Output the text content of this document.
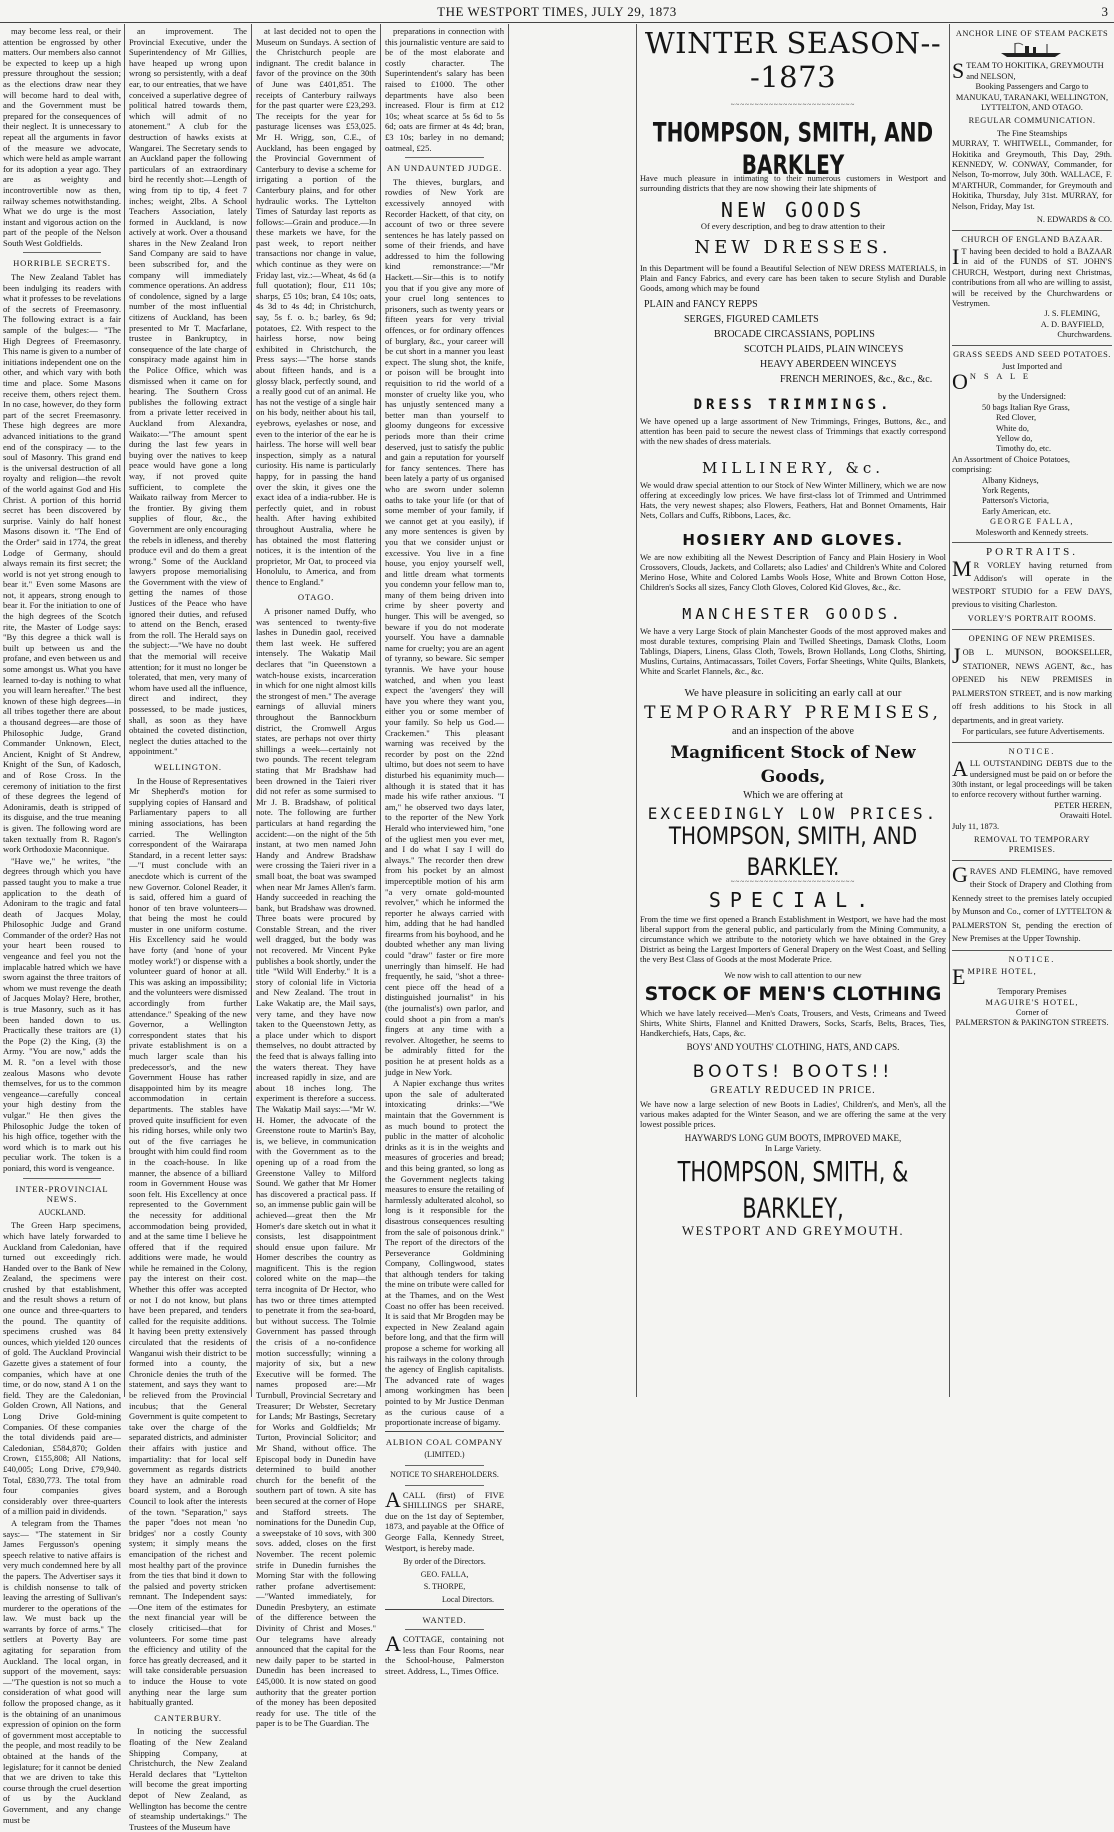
THE WESTPORT TIMES, JULY 29, 1873	3

may become less real, or their attention be engrossed by other matters. Our members also cannot be expected to keep up a high pressure throughout the session; as the elections draw near they will become hard to deal with, and the Government must be prepared for the consequences of their neglect. It is unnecessary to repeat all the arguments in favor of the measure we advocate, which were held as ample warrant for its adoption a year ago. They are as weighty and incontrovertible now as then, railway schemes notwithstanding. What we do urge is the most instant and vigorous action on the part of the people of the Nelson South West Goldfields.

HORRIBLE SECRETS.

The New Zealand Tablet has been indulging its readers with what it professes to be revelations of the secrets of Freemasonry. The following extract is a fair sample of the bulges:— "The High Degrees of Freemasonry. This name is given to a number of initiations independent one on the other, and which vary with both time and place. Some Masons receive them, others reject them. In no case, however, do they form part of the secret Freemasonry. These high degrees are more advanced initiations to the grand end of the conspiracy — to the soul of Masonry. This grand end is the universal destruction of all royalty and religion—the revolt of the world against God and His Christ. A portion of this horrid secret has been discovered by surprise. Vainly do half honest Masons disown it. "The End of the Order" said in 1774, the great Lodge of Germany, should always remain its first secret; the world is not yet strong enough to bear it." Even some Masons are not, it appears, strong enough to bear it. For the initiation to one of the high degrees of the Scotch rite, the Master of Lodge says: "By this degree a thick wall is built up between us and the profane, and even between us and some amongst us. What you have learned to-day is nothing to what you will learn hereafter." The best known of these high degrees—in all tribes together there are about a thousand degrees—are those of Philosophic Judge, Grand Commander Unknown, Elect, Ancient, Knight of St Andrew, Knight of the Sun, of Kadosch, and of Rose Cross. In the ceremony of initiation to the first of these degrees the legend of Adoniramis, death is stripped of its disguise, and the true meaning is given. The following word are taken textually from R. Ragon's work Orthodoxie Maconnique.

"Have we," he writes, "the degrees through which you have passed taught you to make a true application to the death of Adoniram to the tragic and fatal death of Jacques Molay, Philosophic Judge and Grand Commander of the order? Has not your heart been roused to vengeance and feel you not the implacable hatred which we have sworn against the three traitors of whom we must revenge the death of Jacques Molay? Here, brother, is true Masonry, such as it has been handed down to us. Practically these traitors are (1) the Pope (2) the King, (3) the Army. "You are now," adds the M. R. "on a level with those zealous Masons who devote themselves, for us to the common vengeance—carefully conceal your high destiny from the vulgar." He then gives the Philosophic Judge the token of his high office, together with the word which is to mark out his peculiar work. The token is a poniard, this word is vengeance.

INTER-PROVINCIAL NEWS.
AUCKLAND.

The Green Harp specimens, which have lately forwarded to Auckland from Caledonian, have turned out exceedingly rich. Handed over to the Bank of New Zealand, the specimens were crushed by that establishment, and the result shows a return of one ounce and three-quarters to the pound. The quantity of specimens crushed was 84 ounces, which yielded 120 ounces of gold. The Auckland Provincial Gazette gives a statement of four companies, which have at one time, or do now, stand A 1 on the field. They are the Caledonian, Golden Crown, All Nations, and Long Drive Gold-mining Companies. Of these companies the total dividends paid are—Caledonian, £584,870; Golden Crown, £155,808; All Nations, £40,005; Long Drive, £79,940. Total, £830,773. The total from four companies gives considerably over three-quarters of a million paid in dividends.

A telegram from the Thames says:— "The statement in Sir James Fergusson's opening speech relative to native affairs is very much condemned here by all the papers. The Advertiser says it is childish nonsense to talk of leaving the arresting of Sullivan's murderer to the operations of the law. We must back up the warrants by force of arms." The settlers at Poverty Bay are agitating for separation from Auckland. The local organ, in support of the movement, says:—"The question is not so much a consideration of what good will follow the proposed change, as it is the obtaining of an unanimous expression of opinion on the form of government most acceptable to the people, and most readily to be obtained at the hands of the legislature; for it cannot be denied that we are driven to take this course through the cruel desertion of us by the Auckland Government, and any change must be

an improvement. The Provincial Executive, under the Superintendency of Mr Gillies, have heaped up wrong upon wrong so persistently, with a deaf ear, to our entreaties, that we have conceived a superlative degree of political hatred towards them, which will admit of no atonement." A club for the destruction of hawks exists at Wangarei. The Secretary sends to an Auckland paper the following particulars of an extraordinary bird he recently shot:—Length of wing from tip to tip, 4 feet 7 inches; weight, 2lbs. A School Teachers Association, lately formed in Auckland, is now actively at work. Over a thousand shares in the New Zealand Iron Sand Company are said to have been subscribed for, and the company will immediately commence operations. An address of condolence, signed by a large number of the most influential citizens of Auckland, has been presented to Mr T. Macfarlane, trustee in Bankruptcy, in consequence of the late charge of conspiracy made against him in the Police Office, which was dismissed when it came on for hearing. The Southern Cross publishes the following extract from a private letter received in Auckland from Alexandra, Waikato:—"The amount spent during the last few years in buying over the natives to keep peace would have gone a long way, if not proved quite sufficient, to complete the Waikato railway from Mercer to the frontier. By giving them supplies of flour, &c., the Government are only encouraging the rebels in idleness, and thereby produce evil and do them a great wrong." Some of the Auckland lawyers propose memorialising the Government with the view of getting the names of those Justices of the Peace who have ignored their duties, and refused to attend on the Bench, erased from the roll. The Herald says on the subject:—"We have no doubt that the memorial will receive attention; for it must no longer be tolerated, that men, very many of whom have used all the influence, direct and indirect, they possessed, to be made justices, shall, as soon as they have obtained the coveted distinction, neglect the duties attached to the appointment."

WELLINGTON.

In the House of Representatives Mr Shepherd's motion for supplying copies of Hansard and Parliamentary papers to all mining associations, has been carried. The Wellington correspondent of the Wairarapa Standard, in a recent letter says:—"I must conclude with an anecdote which is current of the new Governor. Colonel Reader, it is said, offered him a guard of honor of ten brave volunteers—that being the most he could muster in one uniform costume. His Excellency said he would have forty (and 'none of your motley work!') or dispense with a volunteer guard of honor at all. This was asking an impossibility; and the volunteers were dismissed accordingly from further attendance." Speaking of the new Governor, a Wellington correspondent states that his private establishment is on a much larger scale than his predecessor's, and the new Government House has rather disappointed him by its meagre accommodation in certain departments. The stables have proved quite insufficient for even his riding horses, while only two out of the five carriages he brought with him could find room in the coach-house. In like manner, the absence of a billiard room in Government House was soon felt. His Excellency at once represented to the Government the necessity for additional accommodation being provided, and at the same time I believe he offered that if the required additions were made, he would while he remained in the Colony, pay the interest on their cost. Whether this offer was accepted or not I do not know, but plans have been prepared, and tenders called for the requisite additions. It having been pretty extensively circulated that the residents of Wanganui wish their district to be formed into a county, the Chronicle denies the truth of the statement, and says they want to be relieved from the Provincial incubus; that the General Government is quite competent to take over the charge of the separated districts, and administer their affairs with justice and impartiality: that for local self government as regards districts they have an admirable road board system, and a Borough Council to look after the interests of the town. "Separation," says the paper "does not mean 'no bridges' nor a costly County system; it simply means the emancipation of the richest and most healthy part of the province from the ties that bind it down to the palsied and poverty stricken remnant. The Independent says:—One item of the estimates for the next financial year will be closely criticised—that for volunteers. For some time past the efficiency and utility of the force has greatly decreased, and it will take considerable persuasion to induce the House to vote anything near the large sum habitually granted.

CANTERBURY.

In noticing the successful floating of the New Zealand Shipping Company, at Christchurch, the New Zealand Herald declares that "Lyttelton will become the great importing depot of New Zealand, as Wellington has become the centre of steamship undertakings." The Trustees of the Museum have

at last decided not to open the Museum on Sundays. A section of the Christchurch people are indignant. The credit balance in favor of the province on the 30th of June was £401,851. The receipts of Canterbury railways for the past quarter were £23,293. The receipts for the year for pasturage licenses was £53,025. Mr H. Wrigg, son, C.E., of Auckland, has been engaged by the Provincial Government of Canterbury to devise a scheme for irrigating a portion of the Canterbury plains, and for other hydraulic works. The Lyttelton Times of Saturday last reports as follows:—Grain and produce.—In these markets we have, for the past week, to report neither transactions nor change in value, which continue as they were on Friday last, viz.:—Wheat, 4s 6d (a full quotation); flour, £11 10s; sharps, £5 10s; bran, £4 10s; oats, 4s 3d to 4s 4d; in Christchurch, say, 5s f. o. b.; barley, 6s 9d; potatoes, £2. With respect to the hairless horse, now being exhibited in Christchurch, the Press says:—"The horse stands about fifteen hands, and is a glossy black, perfectly sound, and a really good cut of an animal. He has not the vestige of a single hair on his body, neither about his tail, eyebrows, eyelashes or nose, and even to the interior of the ear he is hairless. The horse will well bear inspection, simply as a natural curiosity. His name is particularly happy, for in passing the hand over the skin, it gives one the exact idea of a india-rubber. He is perfectly quiet, and in robust health. After having exhibited throughout Australia, where he has obtained the most flattering notices, it is the intention of the proprietor, Mr Oat, to proceed via Honolulu, to America, and from thence to England."

OTAGO.

A prisoner named Duffy, who was sentenced to twenty-five lashes in Dunedin gaol, received them last week. He suffered intensely. The Wakatip Mail declares that "in Queenstown a watch-house exists, incarceration in which for one night almost kills the strongest of men." The average earnings of alluvial miners throughout the Bannockburn district, the Cromwell Argus states, are perhaps not over thirty shillings a week—certainly not two pounds. The recent telegram stating that Mr Bradshaw had been drowned in the Taieri river did not refer as some surmised to Mr J. B. Bradshaw, of political note. The following are further particulars at hand regarding the accident:—on the night of the 5th instant, at two men named John Handy and Andrew Bradshaw were crossing the Taieri river in a small boat, the boat was swamped when near Mr James Allen's farm. Handy succeeded in reaching the bank, but Bradshaw was drowned. Three boats were procured by Constable Strean, and the river well dragged, but the body was not recovered. Mr Vincent Pyke publishes a book shortly, under the title "Wild Will Enderby." It is a story of colonial life in Victoria and New Zealand. The trout in Lake Wakatip are, the Mail says, very tame, and they have now taken to the Queenstown Jetty, as a place under which to disport themselves, no doubt attracted by the feed that is always falling into the waters thereat. They have increased rapidly in size, and are about 18 inches long. The experiment is therefore a success. The Wakatip Mail says:—"Mr W. H. Homer, the advocate of the Greenstone route to Martin's Bay, is, we believe, in communication with the Government as to the opening up of a road from the Greenstone Valley to Milford Sound. We gather that Mr Homer has discovered a practical pass. If so, an immense public gain will be achieved—great then the Mr Homer's dare sketch out in what it consists, lest disappointment should ensue upon failure. Mr Homer describes the country as magnificent. This is the region colored white on the map—the terra incognita of Dr Hector, who has two or three times attempted to penetrate it from the sea-board, but without success. The Tolmie Government has passed through the crisis of a no-confidence motion successfully; winning a majority of six, but a new Executive will be formed. The names proposed are:—Mr Turnbull, Provincial Secretary and Treasurer; Dr Webster, Secretary for Lands; Mr Bastings, Secretary for Works and Goldfields; Mr Turton, Provincial Solicitor; and Mr Shand, without office. The Episcopal body in Dunedin have determined to build another church for the benefit of the southern part of town. A site has been secured at the corner of Hope and Stafford streets. The nominations for the Dunedin Cup, a sweepstake of 10 sovs, with 300 sovs. added, closes on the first November. The recent polemic strife in Dunedin furnishes the Morning Star with the following rather profane advertisement:—"Wanted immediately, for Dunedin Presbytery, an estimate of the difference between the Divinity of Christ and Moses." Our telegrams have already announced that the capital for the new daily paper to be started in Dunedin has been increased to £45,000. It is now stated on good authority that the greater portion of the money has been deposited ready for use. The title of the paper is to be The Guardian. The

preparations in connection with this journalistic venture are said to be of the most elaborate and costly character. The Superintendent's salary has been raised to £1000. The other departments have also been increased. Flour is firm at £12 10s; wheat scarce at 5s 6d to 5s 6d; oats are firmer at 4s 4d; bran, £3 10s; barley in no demand; oatmeal, £25.

AN UNDAUNTED JUDGE.

The thieves, burglars, and rowdies of New York are excessively annoyed with Recorder Hackett, of that city, on account of two or three severe sentences he has lately passed on some of their friends, and have addressed to him the following kind remonstrance:—"Mr Hackett.—Sir—this is to notify you that if you give any more of your cruel long sentences to prisoners, such as twenty years or fifteen years for very trivial offences, or for ordinary offences of burglary, &c., your career will be cut short in a manner you least expect. The slung shot, the knife, or poison will be brought into requisition to rid the world of a monster of cruelty like you, who has unjustly sentenced many a better man than yourself to gloomy dungeons for excessive periods more than their crime deserved, just to satisfy the public and gain a reputation for yourself for fancy sentences. There has been lately a party of us organised who are sworn under solemn oaths to take your life (or that of some member of your family, if we cannot get at you easily), if any more sentences is given by you that we consider unjust or excessive. You live in a fine house, you enjoy yourself well, and little dream what torments you condemn your fellow man to, many of them being driven into crime by sheer poverty and hunger. This will be avenged, so beware if you do not moderate yourself. You have a damnable name for cruelty; you are an agent of tyranny, so beware. Sic semper tyrannis. We have your house watched, and when you least expect the 'avengers' they will have you where they want you, either you or some member of your family. So help us God.—Crackemen." This pleasant warning was received by the recorder by post on the 22nd ultimo, but does not seem to have disturbed his equanimity much—although it is stated that it has made his wife rather anxious. "I am," he observed two days later, to the reporter of the New York Herald who interviewed him, "one of the ugliest men you ever met, and I do what I say I will do always." The recorder then drew from his pocket by an almost imperceptible motion of his arm "a very ornate gold-mounted revolver," which he informed the reporter he always carried with him, adding that he had handled firearms from his boyhood, and he doubted whether any man living could "draw" faster or fire more unerringly than himself. He had frequently, he said, "shot a three-cent piece off the head of a distinguished journalist" in his (the journalist's) own parlor, and could shoot a pin from a man's fingers at any time with a revolver. Altogether, he seems to be admirably fitted for the position he at present holds as a judge in New York.

A Napier exchange thus writes upon the sale of adulterated intoxicating drinks:—"We maintain that the Government is as much bound to protect the public in the matter of alcoholic drinks as it is in the weights and measures of groceries and bread; and this being granted, so long as the Government neglects taking measures to ensure the retailing of harmlessly adulterated alcohol, so long is it responsible for the disastrous consequences resulting from the sale of poisonous drink." The report of the directors of the Perseverance Goldmining Company, Collingwood, states that although tenders for taking the mine on tribute were called for at the Thames, and on the West Coast no offer has been received. It is said that Mr Brogden may be expected in New Zealand again before long, and that the firm will propose a scheme for working all his railways in the colony through the agency of English capitalists. The advanced rate of wages among workingmen has been pointed to by Mr Justice Denman as the curious cause of a proportionate increase of bigamy.

ALBION COAL COMPANY
(LIMITED.)
NOTICE TO SHAREHOLDERS.
ACALL (first) of FIVE SHILLINGS per SHARE, due on the 1st day of September, 1873, and payable at the Office of George Falla, Kennedy Street, Westport, is hereby made.
By order of the Directors.
GEO. FALLA,
S. THORPE,
Local Directors.
WANTED.
ACOTTAGE, containing not less than Four Rooms, near the School-house, Palmerston street. Address, L., Times Office.
WINTER SEASON---1873
~~~~~~~~~~~~~~~~~~~~~~~~~~
THOMPSON, SMITH, AND BARKLEY
Have much pleasure in intimating to their numerous customers in Westport and surrounding districts that they are now showing their late shipments of
NEW GOODS
Of every description, and beg to draw attention to their
NEW DRESSES.
In this Department will be found a Beautiful Selection of NEW DRESS MATERIALS, in Plain and Fancy Fabrics, and every care has been taken to secure Stylish and Durable Goods, among which may be found
PLAIN and FANCY REPPS
SERGES, FIGURED CAMLETS
BROCADE CIRCASSIANS, POPLINS
SCOTCH PLAIDS, PLAIN WINCEYS
HEAVY ABERDEEN WINCEYS
FRENCH MERINOES, &c., &c., &c.
DRESS TRIMMINGS.
We have opened up a large assortment of New Trimmings, Fringes, Buttons, &c., and attention has been paid to secure the newest class of Trimmings that exactly correspond with the new shades of dress materials.
MILLINERY, &c.
We would draw special attention to our Stock of New Winter Millinery, which we are now offering at exceedingly low prices. We have first-class lot of Trimmed and Untrimmed Hats, the very newest shapes; also Flowers, Feathers, Hat and Bonnet Ornaments, Hair Nets, Collars and Cuffs, Ribbons, Laces, &c.
HOSIERY AND GLOVES.
We are now exhibiting all the Newest Description of Fancy and Plain Hosiery in Wool Crossovers, Clouds, Jackets, and Collarets; also Ladies' and Children's White and Colored Merino Hose, White and Colored Lambs Wools Hose, White and Brown Cotton Hose, Children's Socks all sizes, Fancy Cloth Gloves, Colored Kid Gloves, &c., &c.
MANCHESTER GOODS.
We have a very Large Stock of plain Manchester Goods of the most approved makes and most durable textures, comprising Plain and Twilled Sheetings, Damask Cloths, Loom Tablings, Diapers, Linens, Glass Cloth, Towels, Brown Hollands, Long Cloths, Shirting, Muslins, Curtains, Antimacassars, Toilet Covers, Forfar Sheetings, White Quilts, Blankets, White and Scarlet Flannels, &c., &c.
We have pleasure in soliciting an early call at our
TEMPORARY PREMISES,
and an inspection of the above
Magnificent Stock of New Goods,
Which we are offering at
EXCEEDINGLY LOW PRICES.
THOMPSON, SMITH, AND BARKLEY.
~~~~~~~~~~~~~~~~~~~~~~~~~~
SPECIAL.
From the time we first opened a Branch Establishment in Westport, we have had the most liberal support from the general public, and particularly from the Mining Community, a circumstance which we attribute to the notoriety which we have obtained in the Grey District as being the Largest Importers of General Drapery on the West Coast, and Selling the very Best Class of Goods at the most Moderate Price.
We now wish to call attention to our new
STOCK OF MEN'S CLOTHING
Which we have lately received—Men's Coats, Trousers, and Vests, Crimeans and Tweed Shirts, White Shirts, Flannel and Knitted Drawers, Socks, Scarfs, Belts, Braces, Ties, Handkerchiefs, Hats, Caps, &c.
BOYS' AND YOUTHS' CLOTHING, HATS, AND CAPS.
BOOTS! BOOTS!!
GREATLY REDUCED IN PRICE.
We have now a large selection of new Boots in Ladies', Children's, and Men's, all the various makes adapted for the Winter Season, and we are offering the same at the very lowest possible prices.
HAYWARD'S LONG GUM BOOTS, IMPROVED MAKE,
In Large Variety.
THOMPSON, SMITH, & BARKLEY,
WESTPORT AND GREYMOUTH.
ANCHOR LINE OF STEAM PACKETS
STEAM TO HOKITIKA, GREYMOUTH and NELSON,
Booking Passengers and Cargo to MANUKAU, TARANAKI, WELLINGTON, LYTTELTON, AND OTAGO.
REGULAR COMMUNICATION.
The Fine Steamships
MURRAY, T. WHITWELL, Commander, for Hokitika and Greymouth, This Day, 29th. KENNEDY, W. CONWAY, Commander, for Nelson, To-morrow, July 30th. WALLACE, F. M'ARTHUR, Commander, for Greymouth and Hokitika, Thursday, July 31st. MURRAY, for Nelson, Friday, May 1st.
N. EDWARDS & CO.
CHURCH OF ENGLAND BAZAAR.
I T having been decided to hold a BAZAAR in aid of the FUNDS of ST. JOHN'S CHURCH, Westport, during next Christmas, contributions from all who are willing to assist, will be received by the Churchwardens or Vestrymen.
J. S. FLEMING,
A. D. BAYFIELD,
Churchwardens.
GRASS SEEDS AND SEED POTATOES.
Just Imported and
O N S A L E
by the Undersigned:
50 bags Italian Rye Grass,
Red Clover,
White do,
Yellow do,
Timothy do, etc.
An Assortment of Choice Potatoes, comprising:
Albany Kidneys,
York Regents,
Patterson's Victoria,
Early American, etc.
GEORGE FALLA,
Molesworth and Kennedy streets.
PORTRAITS.
M R VORLEY having returned from Addison's will operate in the WESTPORT STUDIO for a FEW DAYS, previous to visiting Charleston.
VORLEY'S PORTRAIT ROOMS.
OPENING OF NEW PREMISES.
JOB L. MUNSON, BOOKSELLER, STATIONER, NEWS AGENT, &c., has OPENED his NEW PREMISES in PALMERSTON STREET, and is now marking off fresh additions to his Stock in all departments, and in great variety.
For particulars, see future Advertisements.
NOTICE.
ALL OUTSTANDING DEBTS due to the undersigned must be paid on or before the 30th instant, or legal proceedings will be taken to enforce recovery without further warning.
PETER HEREN,
Orawaiti Hotel.
July 11, 1873.
REMOVAL TO TEMPORARY PREMISES.
GRAVES AND FLEMING, have removed their Stock of Drapery and Clothing from Kennedy street to the premises lately occupied by Munson and Co., corner of LYTTELTON & PALMERSTON St, pending the erection of New Premises at the Upper Township.
NOTICE.
EMPIRE HOTEL,
Temporary Premises
MAGUIRE'S HOTEL,
Corner of
PALMERSTON & PAKINGTON STREETS.
